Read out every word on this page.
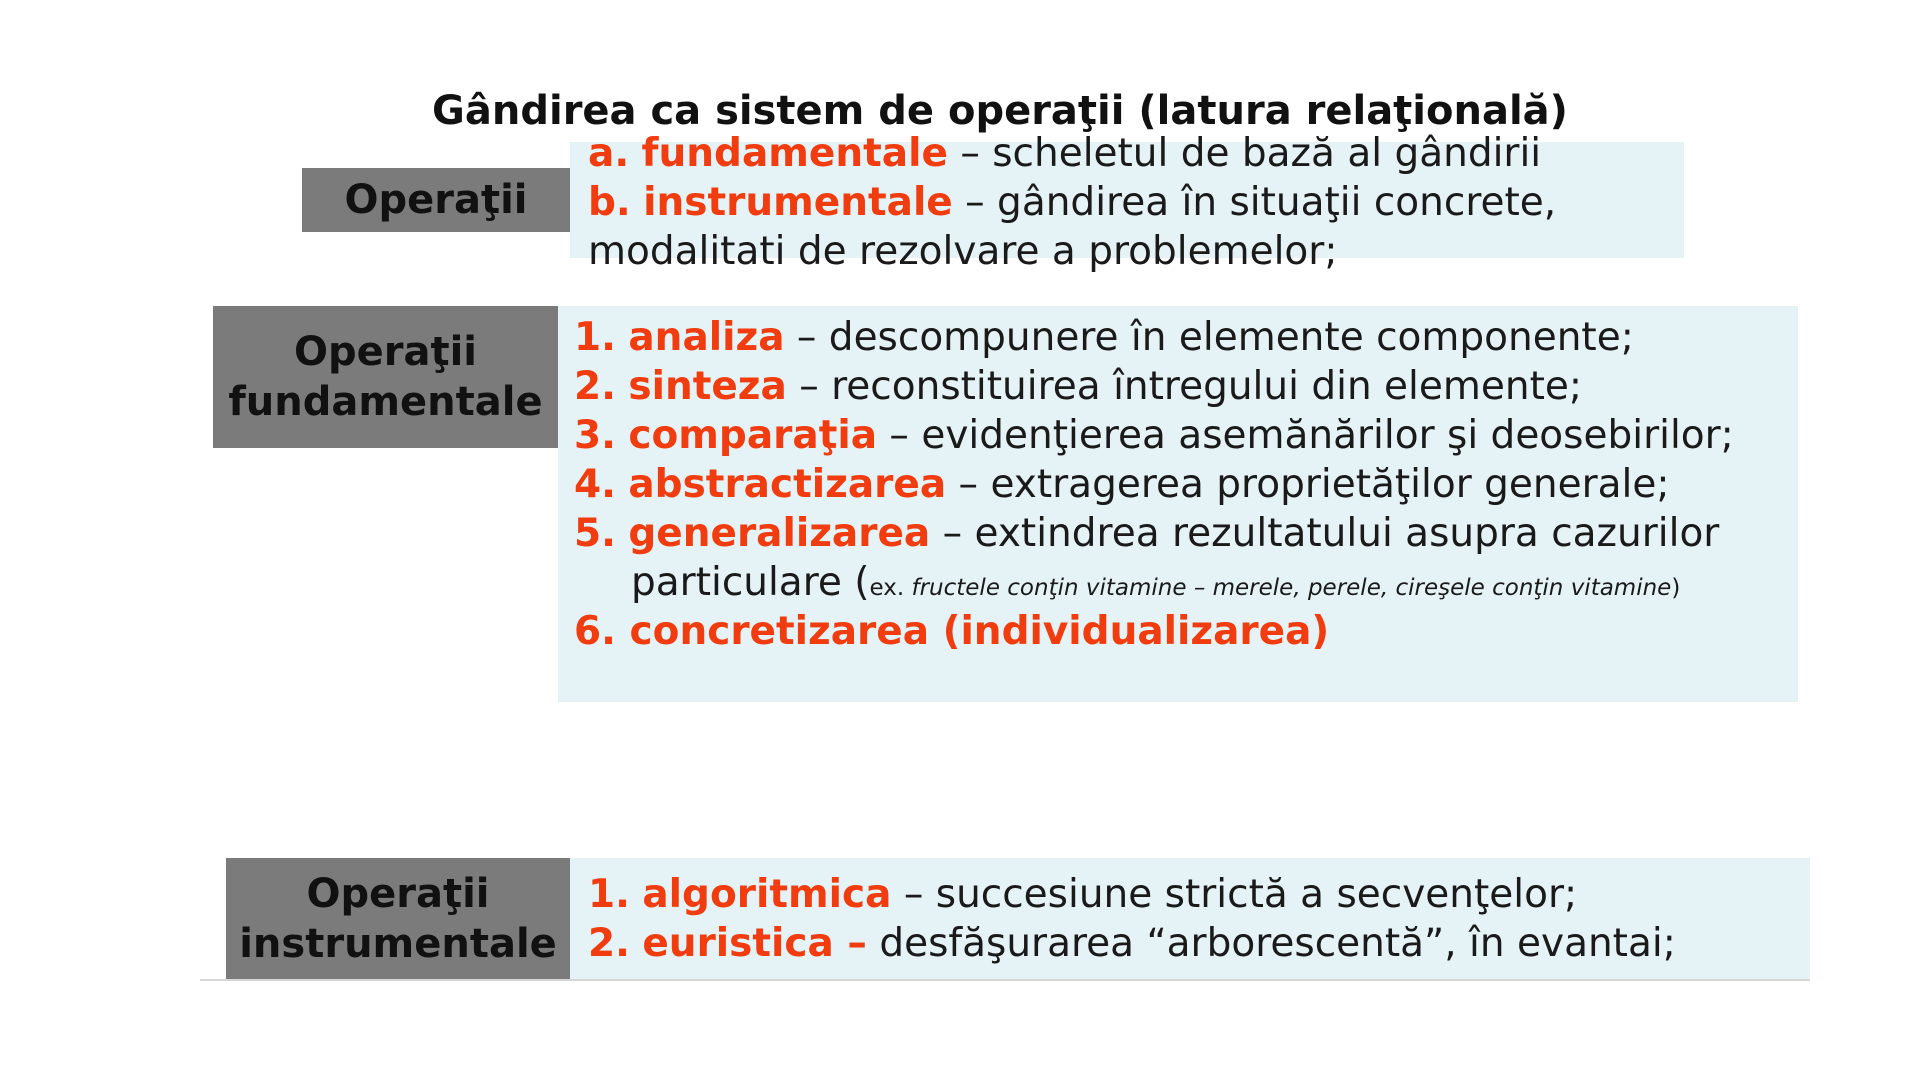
Gândirea ca sistem de operaţii (latura relaţională)
Operaţii
a. fundamentale – scheletul de bază al gândirii
b. instrumentale – gândirea în situaţii concrete,
modalitati de rezolvare a problemelor;
Operaţii
fundamentale
1. analiza – descompunere în elemente componente;
2. sinteza – reconstituirea întregului din elemente;
3. comparaţia – evidenţierea asemănărilor şi deosebirilor;
4. abstractizarea – extragerea proprietăţilor generale;
5. generalizarea – extindrea rezultatului asupra cazurilor
particulare (ex. fructele conţin vitamine – merele, perele, cireşele conţin vitamine)
6. concretizarea (individualizarea)
Operaţii
instrumentale
1. algoritmica – succesiune strictă a secvenţelor;
2. euristica – desfăşurarea “arborescentă”, în evantai;
